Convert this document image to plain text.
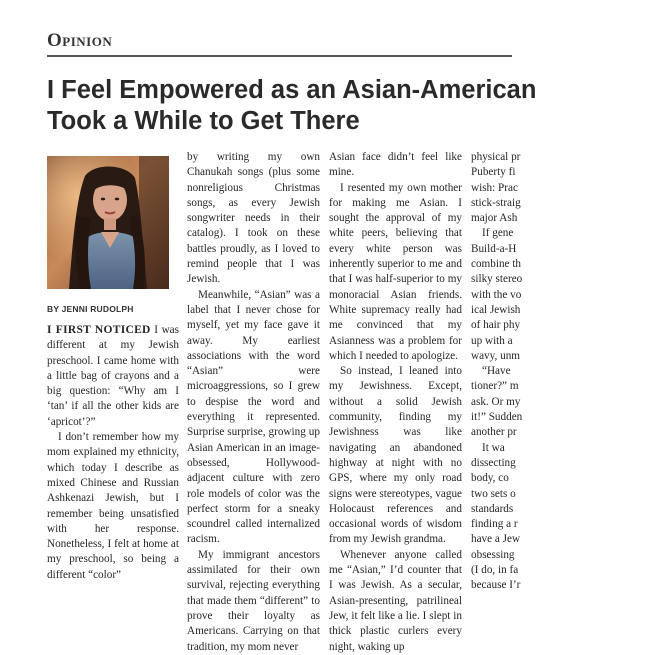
Opinion
I Feel Empowered as an Asian-American
Took a While to Get There
BY JENNI RUDOLPH

I FIRST NOTICED I was different at my Jewish preschool. I came home with a little bag of crayons and a big question: “Why am I ‘tan’ if all the other kids are ‘apricot’?”

I don’t remember how my mom explained my ethnicity, which today I describe as mixed Chinese and Russian Ashkenazi Jewish, but I remember being unsatisfied with her response. Nonetheless, I felt at home at my preschool, so being a different “color”

by writing my own Chanukah songs (plus some nonreligious Christmas songs, as every Jewish songwriter needs in their catalog). I took on these battles proudly, as I loved to remind people that I was Jewish.

Meanwhile, “Asian” was a label that I never chose for myself, yet my face gave it away. My earliest associations with the word “Asian” were microaggressions, so I grew to despise the word and everything it represented. Surprise surprise, growing up Asian American in an image-obsessed, Hollywood-adjacent culture with zero role models of color was the perfect storm for a sneaky scoundrel called internalized racism.

My immigrant ancestors assimilated for their own survival, rejecting everything that made them “different” to prove their loyalty as Americans. Carrying on that tradition, my mom never

Asian face didn’t feel like mine.

I resented my own mother for making me Asian. I sought the approval of my white peers, believing that every white person was inherently superior to me and that I was half-superior to my monoracial Asian friends. White supremacy really had me convinced that my Asianness was a problem for which I needed to apologize.

So instead, I leaned into my Jewishness. Except, without a solid Jewish community, finding my Jewishness was like navigating an abandoned highway at night with no GPS, where my only road signs were stereotypes, vague Holocaust references and occasional words of wisdom from my Jewish grandma.

Whenever anyone called me “Asian,” I’d counter that I was Jewish. As a secular, Asian-presenting, patrilineal Jew, it felt like a lie. I slept in thick plastic curlers every night, waking up

physical pr

Puberty fi

wish: Prac

stick-straig

major Ash

If gene

Build-a-H

combine th

silky stereo

with the vo

ical Jewish

of hair phy

up with a

wavy, unm

“Have

tioner?” m

ask. Or my

it!” Sudden

another pr

It wa

dissecting

body, co

two sets o

standards

finding a r

have a Jew

obsessing

(I do, in fa

because I’r
